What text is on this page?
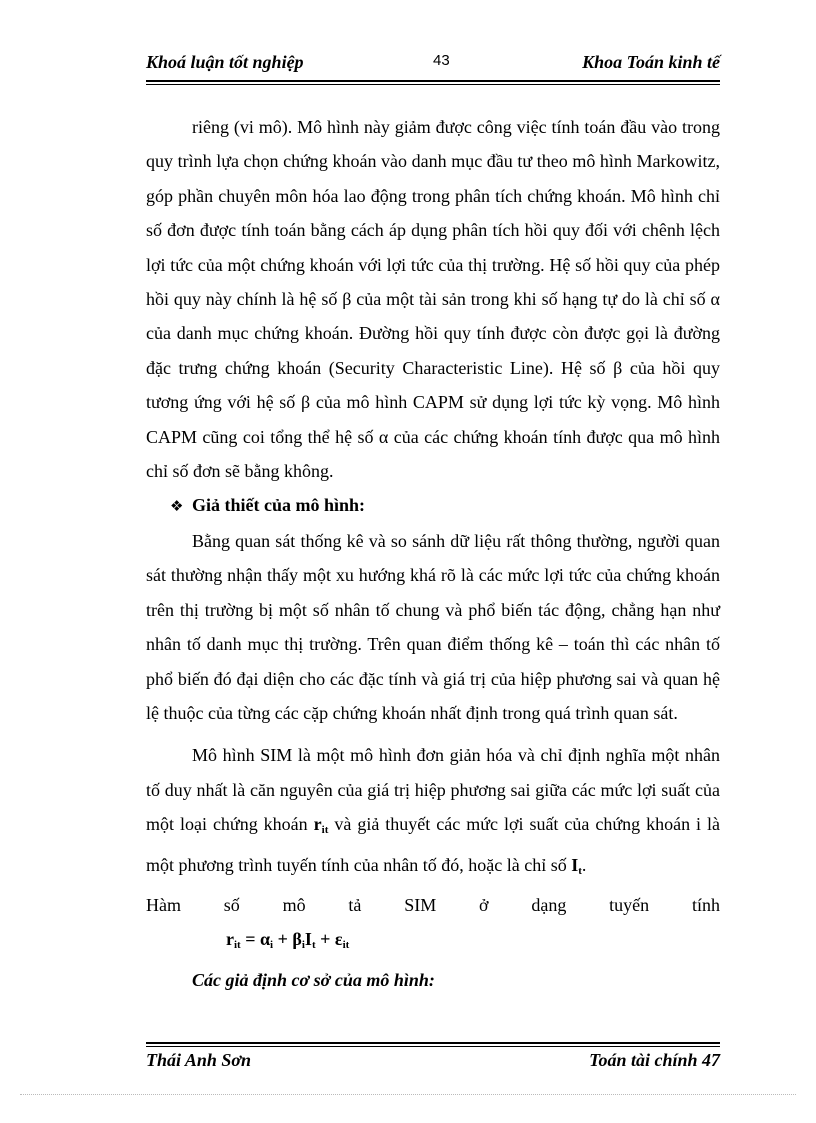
Khoá luận tốt nghiệp	43	Khoa Toán kinh tế

riêng (vi mô). Mô hình này giảm được công việc tính toán đầu vào trong quy trình lựa chọn chứng khoán vào danh mục đầu tư theo mô hình Markowitz, góp phần chuyên môn hóa lao động trong phân tích chứng khoán. Mô hình chỉ số đơn được tính toán bằng cách áp dụng phân tích hồi quy đối với chênh lệch lợi tức của một chứng khoán với lợi tức của thị trường. Hệ số hồi quy của phép hồi quy này chính là hệ số β của một tài sản trong khi số hạng tự do là chỉ số α của danh mục chứng khoán. Đường hồi quy tính được còn được gọi là đường đặc trưng chứng khoán (Security Characteristic Line). Hệ số β của hồi quy tương ứng với hệ số β của mô hình CAPM sử dụng lợi tức kỳ vọng. Mô hình CAPM cũng coi tổng thể hệ số α của các chứng khoán tính được qua mô hình chỉ số đơn sẽ bằng không.

❖ Giả thiết của mô hình:

Bằng quan sát thống kê và so sánh dữ liệu rất thông thường, người quan sát thường nhận thấy một xu hướng khá rõ là các mức lợi tức của chứng khoán trên thị trường bị một số nhân tố chung và phổ biến tác động, chẳng hạn như nhân tố danh mục thị trường. Trên quan điểm thống kê – toán thì các nhân tố phổ biến đó đại diện cho các đặc tính và giá trị của hiệp phương sai và quan hệ lệ thuộc của từng các cặp chứng khoán nhất định trong quá trình quan sát.

Mô hình SIM là một mô hình đơn giản hóa và chỉ định nghĩa một nhân tố duy nhất là căn nguyên của giá trị hiệp phương sai giữa các mức lợi suất của một loại chứng khoán rit và giả thuyết các mức lợi suất của chứng khoán i là một phương trình tuyến tính của nhân tố đó, hoặc là chỉ số It.

Hàm số mô tả SIM ở dạng tuyến tính

$r_{it} = \alpha_i + \beta_iI_t + \varepsilon_{it}$

Các giả định cơ sở của mô hình:

Thái Anh Sơn	Toán tài chính 47
